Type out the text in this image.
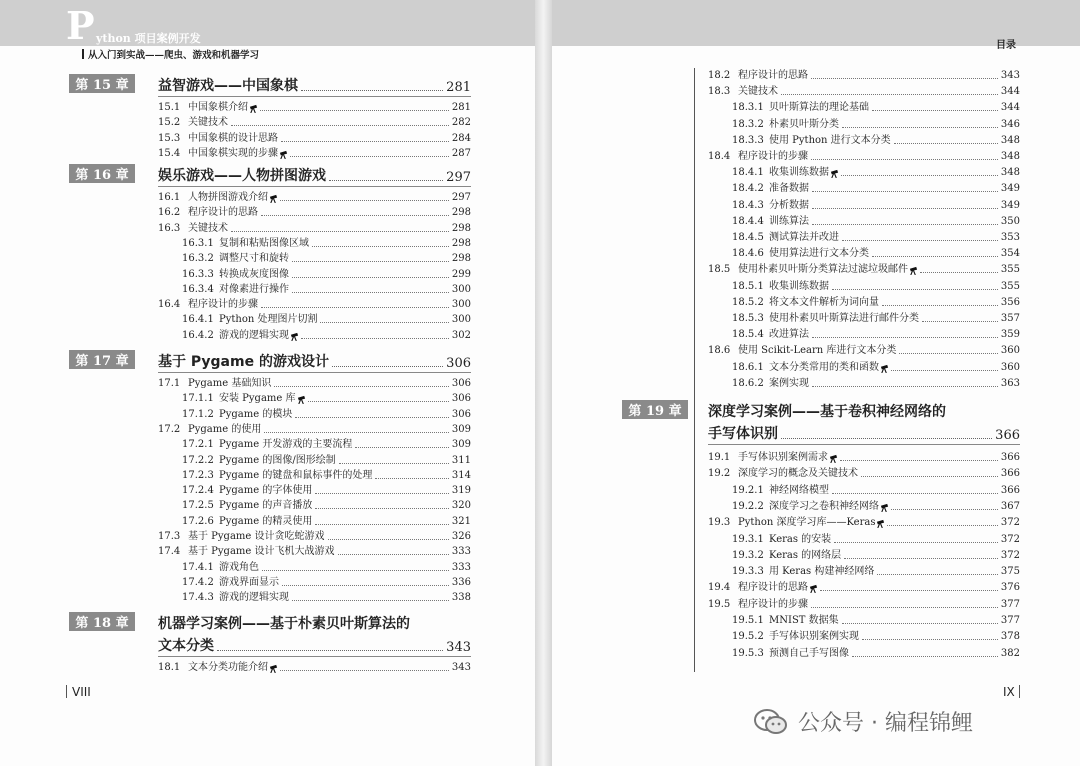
P ython 项目案例开发
从入门到实战——爬虫、游戏和机器学习
第 15 章	益智游戏——中国象棋	281
15.1 中国象棋介绍	281
15.2 关键技术	282
15.3 中国象棋的设计思路	284
15.4 中国象棋实现的步骤	287
第 16 章	娱乐游戏——人物拼图游戏	297
16.1 人物拼图游戏介绍	297
16.2 程序设计的思路	298
16.3 关键技术	298
16.3.1 复制和粘贴图像区域	298
16.3.2 调整尺寸和旋转	298
16.3.3 转换成灰度图像	299
16.3.4 对像素进行操作	300
16.4 程序设计的步骤	300
16.4.1 Python 处理图片切割	300
16.4.2 游戏的逻辑实现	302
第 17 章	基于 Pygame 的游戏设计	306
17.1 Pygame 基础知识	306
17.1.1 安装 Pygame 库	306
17.1.2 Pygame 的模块	306
17.2 Pygame 的使用	309
17.2.1 Pygame 开发游戏的主要流程	309
17.2.2 Pygame 的图像/图形绘制	311
17.2.3 Pygame 的键盘和鼠标事件的处理	314
17.2.4 Pygame 的字体使用	319
17.2.5 Pygame 的声音播放	320
17.2.6 Pygame 的精灵使用	321
17.3 基于 Pygame 设计贪吃蛇游戏	326
17.4 基于 Pygame 设计飞机大战游戏	333
17.4.1 游戏角色	333
17.4.2 游戏界面显示	336
17.4.3 游戏的逻辑实现	338
第 18 章	机器学习案例——基于朴素贝叶斯算法的
文本分类	343
18.1 文本分类功能介绍	343
VIII
目录
18.2 程序设计的思路	343
18.3 关键技术	344
18.3.1 贝叶斯算法的理论基础	344
18.3.2 朴素贝叶斯分类	346
18.3.3 使用 Python 进行文本分类	348
18.4 程序设计的步骤	348
18.4.1 收集训练数据	348
18.4.2 准备数据	349
18.4.3 分析数据	349
18.4.4 训练算法	350
18.4.5 测试算法并改进	353
18.4.6 使用算法进行文本分类	354
18.5 使用朴素贝叶斯分类算法过滤垃圾邮件	355
18.5.1 收集训练数据	355
18.5.2 将文本文件解析为词向量	356
18.5.3 使用朴素贝叶斯算法进行邮件分类	357
18.5.4 改进算法	359
18.6 使用 Scikit-Learn 库进行文本分类	360
18.6.1 文本分类常用的类和函数	360
18.6.2 案例实现	363
第 19 章	深度学习案例——基于卷积神经网络的
手写体识别	366
19.1 手写体识别案例需求	366
19.2 深度学习的概念及关键技术	366
19.2.1 神经网络模型	366
19.2.2 深度学习之卷积神经网络	367
19.3 Python 深度学习库——Keras	372
19.3.1 Keras 的安装	372
19.3.2 Keras 的网络层	372
19.3.3 用 Keras 构建神经网络	375
19.4 程序设计的思路	376
19.5 程序设计的步骤	377
19.5.1 MNIST 数据集	377
19.5.2 手写体识别案例实现	378
19.5.3 预测自己手写图像	382
IX
公众号 · 编程锦鲤
